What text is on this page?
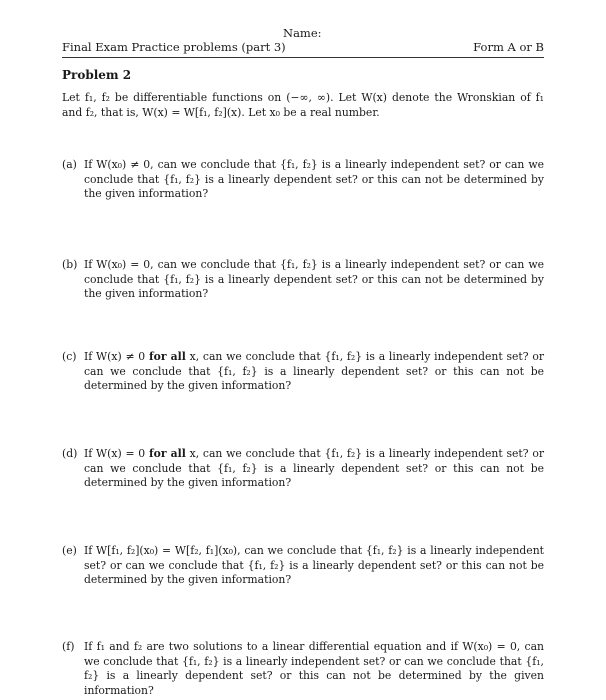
Name:
Final Exam Practice problems (part 3)	Form A or B
Problem 2
Let f₁, f₂ be differentiable functions on (−∞, ∞). Let W(x) denote the Wronskian of f₁ and f₂, that is, W(x) = W[f₁, f₂](x). Let x₀ be a real number.
(a) If W(x₀) ≠ 0, can we conclude that {f₁, f₂} is a linearly independent set? or can we conclude that {f₁, f₂} is a linearly dependent set? or this can not be determined by the given information?
(b) If W(x₀) = 0, can we conclude that {f₁, f₂} is a linearly independent set? or can we conclude that {f₁, f₂} is a linearly dependent set? or this can not be determined by the given information?
(c) If W(x) ≠ 0 for all x, can we conclude that {f₁, f₂} is a linearly independent set? or can we conclude that {f₁, f₂} is a linearly dependent set? or this can not be determined by the given information?
(d) If W(x) = 0 for all x, can we conclude that {f₁, f₂} is a linearly independent set? or can we conclude that {f₁, f₂} is a linearly dependent set? or this can not be determined by the given information?
(e) If W[f₁, f₂](x₀) = W[f₂, f₁](x₀), can we conclude that {f₁, f₂} is a linearly independent set? or can we conclude that {f₁, f₂} is a linearly dependent set? or this can not be determined by the given information?
(f) If f₁ and f₂ are two solutions to a linear differential equation and if W(x₀) = 0, can we conclude that {f₁, f₂} is a linearly independent set? or can we conclude that {f₁, f₂} is a linearly dependent set? or this can not be determined by the given information?
